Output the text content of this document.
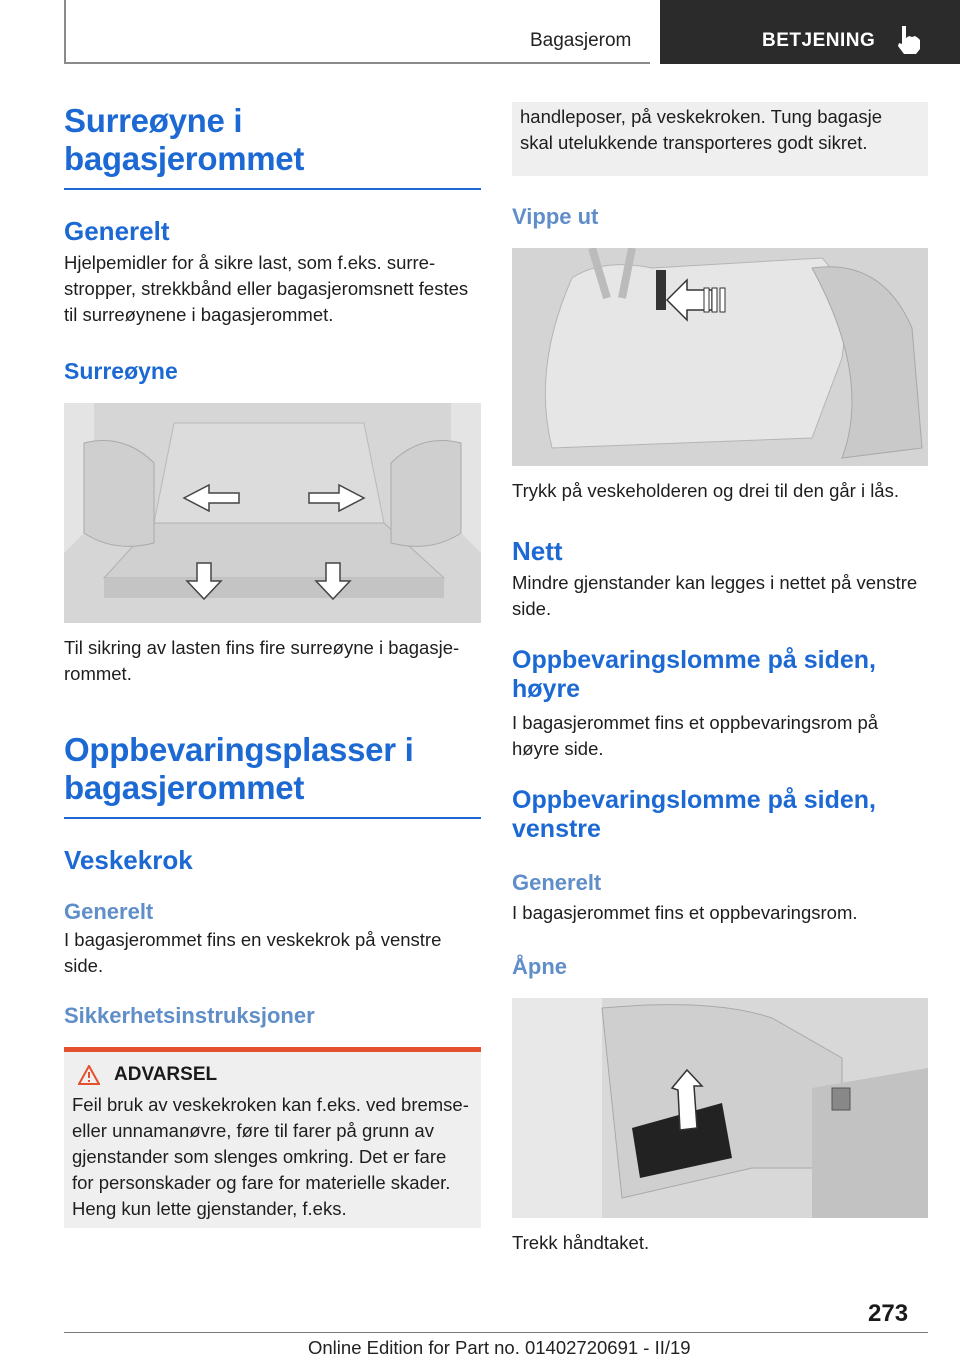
Bagasjerom	BETJENING
Surreøyne i bagasjerommet
Generelt

Hjelpemidler for å sikre last, som f.eks. surrestropper, strekkbånd eller bagasjeromsnett festes til surreøynene i bagasjerommet.

Surreøyne

Til sikring av lasten fins fire surreøyne i bagasjerommet.

Oppbevaringsplasser i bagasjerommet
Veskekrok
Generelt

I bagasjerommet fins en veskekrok på venstre side.

Sikkerhetsinstruksjoner
ADVARSEL

Feil bruk av veskekroken kan f.eks. ved bremse- eller unnamanøvre, føre til farer på grunn av gjenstander som slenges omkring. Det er fare for personskader og fare for materielle skader. Heng kun lette gjenstander, f.eks.

handleposer, på veskekroken. Tung bagasje skal utelukkende transporteres godt sikret.

Vippe ut

Trykk på veskeholderen og drei til den går i lås.

Nett

Mindre gjenstander kan legges i nettet på venstre side.

Oppbevaringslomme på siden, høyre

I bagasjerommet fins et oppbevaringsrom på høyre side.

Oppbevaringslomme på siden, venstre
Generelt

I bagasjerommet fins et oppbevaringsrom.

Åpne

Trekk håndtaket.

273
Online Edition for Part no. 01402720691 - II/19
